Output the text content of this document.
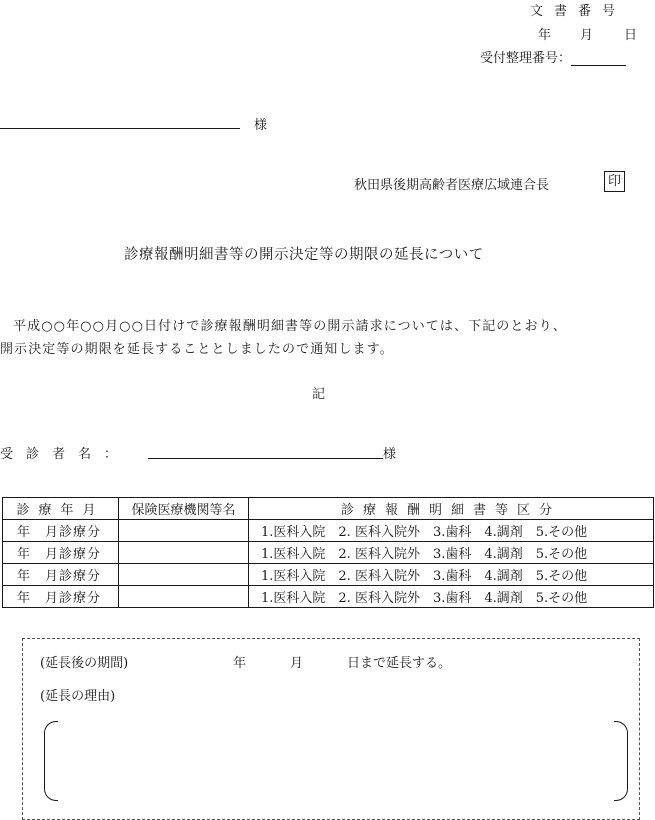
文書番号
年 月 日
受付整理番号：
様
秋田県後期高齢者医療広域連合長	印
診療報酬明細書等の開示決定等の期限の延長について
平成○○年○○月○○日付けで診療報酬明細書等の開示請求については、下記のとおり、
開示決定等の期限を延長することとしましたので通知します。
記
受診者名：	様
診療年月	保険医療機関等名	診療報酬明細書等区分
年　月診療分		1.医科入院 2. 医科入院外 3.歯科 4.調剤 5.その他
年　月診療分		1.医科入院 2. 医科入院外 3.歯科 4.調剤 5.その他
年　月診療分		1.医科入院 2. 医科入院外 3.歯科 4.調剤 5.その他
年　月診療分		1.医科入院 2. 医科入院外 3.歯科 4.調剤 5.その他
(延長後の期間)	年	月	日まで延長する。
(延長の理由)
